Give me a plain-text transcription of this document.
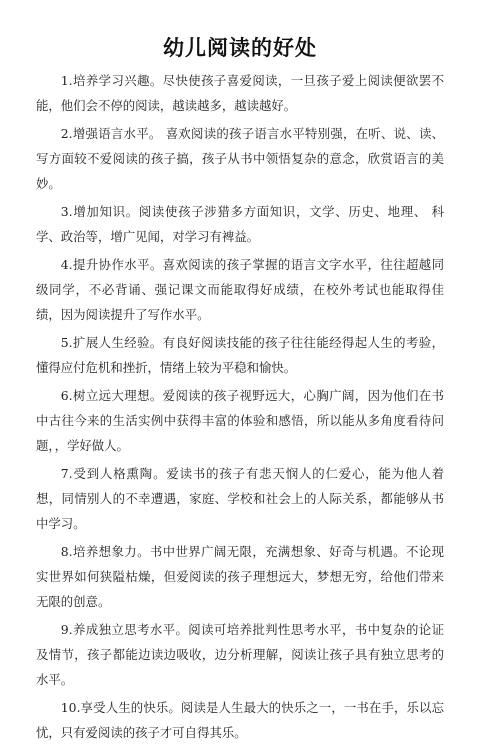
幼儿阅读的好处

1.培养学习兴趣。尽快使孩子喜爱阅读，一旦孩子爱上阅读便欲罢不能，他们会不停的阅读，越读越多，越读越好。

2.增强语言水平。 喜欢阅读的孩子语言水平特别强，在听、说、读、写方面较不爱阅读的孩子搞，孩子从书中领悟复杂的意念，欣赏语言的美妙。

3.增加知识。阅读使孩子涉猎多方面知识，文学、历史、地理、 科学、政治等，增广见闻，对学习有裨益。

4.提升协作水平。喜欢阅读的孩子掌握的语言文字水平，往往超越同级同学，不必背诵、强记课文而能取得好成绩，在校外考试也能取得佳绩，因为阅读提升了写作水平。

5.扩展人生经验。有良好阅读技能的孩子往往能经得起人生的考验，懂得应付危机和挫折，情绪上较为平稳和愉快。

6.树立远大理想。爱阅读的孩子视野远大，心胸广阔，因为他们在书中古往今来的生活实例中获得丰富的体验和感悟，所以能从多角度看待问题，，学好做人。

7.受到人格熏陶。爱读书的孩子有悲天悯人的仁爱心，能为他人着想，同情别人的不幸遭遇，家庭、学校和社会上的人际关系，都能够从书中学习。

8.培养想象力。书中世界广阔无限，充满想象、好奇与机遇。不论现实世界如何狭隘枯燥，但爱阅读的孩子理想远大，梦想无穷，给他们带来无限的创意。

9.养成独立思考水平。阅读可培养批判性思考水平，书中复杂的论证及情节，孩子都能边读边吸收，边分析理解，阅读让孩子具有独立思考的水平。

10.享受人生的快乐。阅读是人生最大的快乐之一，一书在手，乐以忘忧，只有爱阅读的孩子才可自得其乐。
